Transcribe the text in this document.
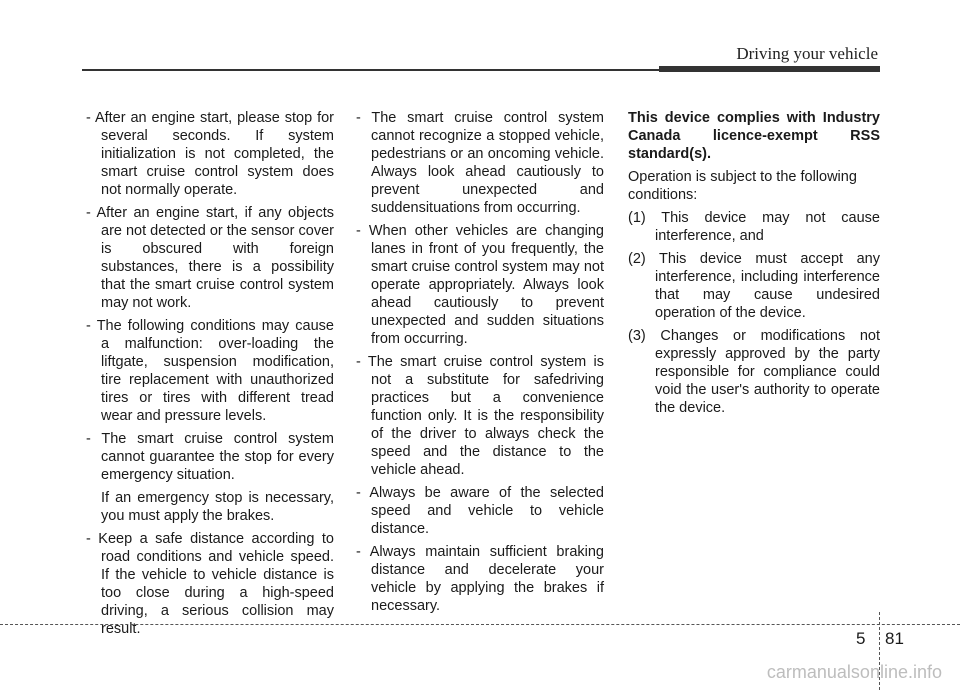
Driving your vehicle

- After an engine start, please stop for several seconds. If system initialization is not completed, the smart cruise control system does not normally operate.

- After an engine start, if any objects are not detected or the sensor cover is obscured with foreign substances, there is a possibility that the smart cruise control system may not work.

- The following conditions may cause a malfunction: over-loading the liftgate, suspension modification, tire replacement with unauthorized tires or tires with different tread wear and pressure levels.

- The smart cruise control system cannot guarantee the stop for every emergency situation.

If an emergency stop is necessary, you must apply the brakes.

- Keep a safe distance according to road conditions and vehicle speed. If the vehicle to vehicle distance is too close during a high-speed driving, a serious collision may result.

- The smart cruise control system cannot recognize a stopped vehicle, pedestrians or an oncoming vehicle. Always look ahead cautiously to prevent unexpected and suddensituations from occurring.

- When other vehicles are changing lanes in front of you frequently, the smart cruise control system may not operate appropriately. Always look ahead cautiously to prevent unexpected and sudden situations from occurring.

- The smart cruise control system is not a substitute for safedriving practices but a convenience function only. It is the responsibility of the driver to always check the speed and the distance to the vehicle ahead.

- Always be aware of the selected speed and vehicle to vehicle distance.

- Always maintain sufficient braking distance and decelerate your vehicle by applying the brakes if necessary.

This device complies with Industry Canada licence-exempt RSS standard(s).

Operation is subject to the following conditions:

(1) This device may not cause interference, and

(2) This device must accept any interference, including interference that may cause undesired operation of the device.

(3) Changes or modifications not expressly approved by the party responsible for compliance could void the user's authority to operate the device.

5 81
carmanualsonline.info
